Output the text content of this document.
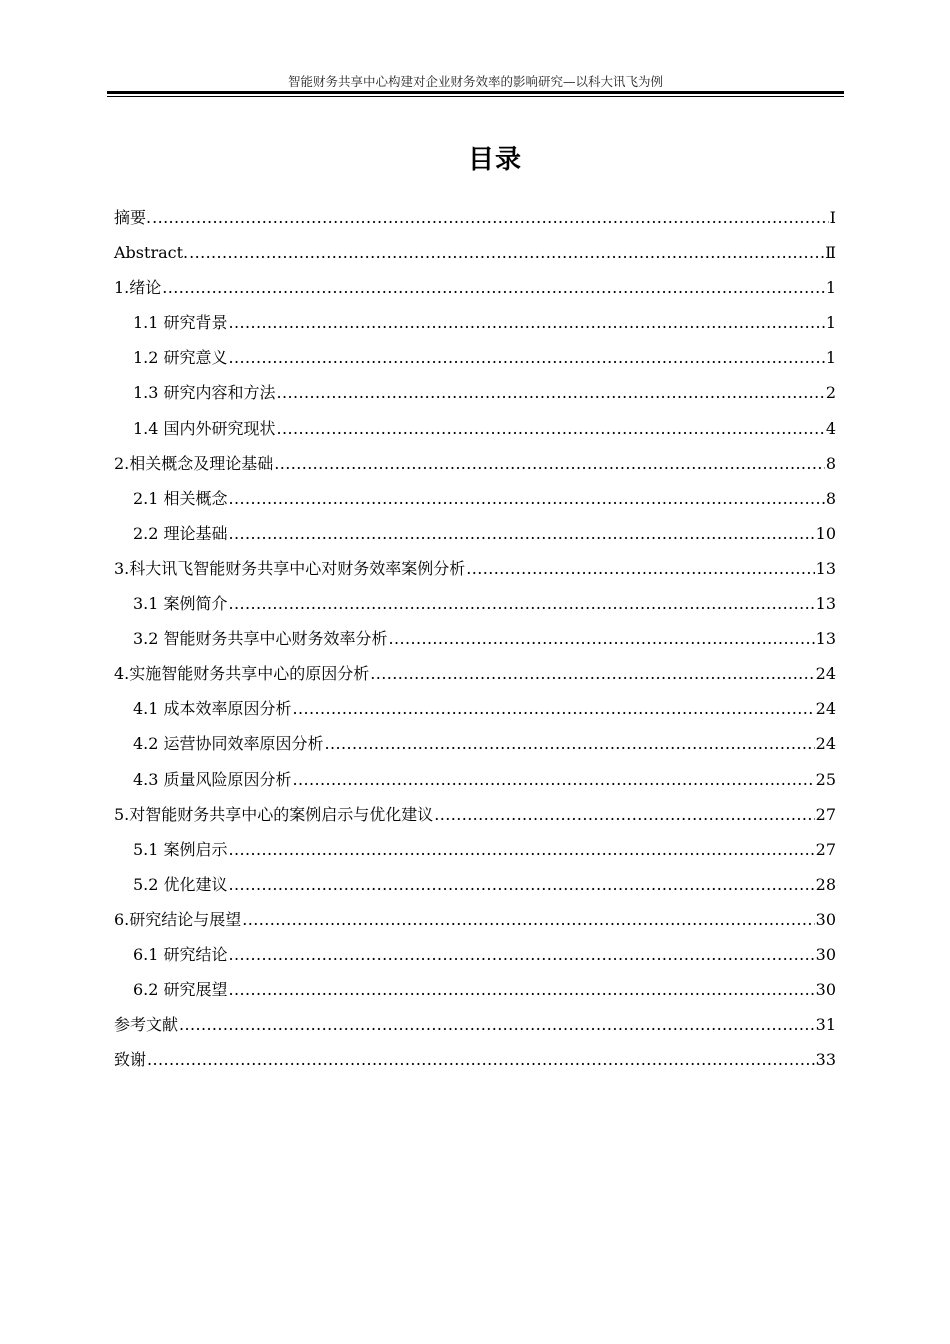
智能财务共享中心构建对企业财务效率的影响研究—以科大讯飞为例
目录
摘要. .....	I
Abstract. .....	Ⅱ
1.绪论 .....	1
1.1 研究背景 .....	1
1.2 研究意义 .....	1
1.3 研究内容和方法 .....	2
1.4 国内外研究现状 .....	4
2.相关概念及理论基础 .....	8
2.1 相关概念 .....	8
2.2 理论基础 .....	10
3.科大讯飞智能财务共享中心对财务效率案例分析 .....	13
3.1 案例简介 .....	13
3.2 智能财务共享中心财务效率分析 .....	13
4.实施智能财务共享中心的原因分析 .....	24
4.1 成本效率原因分析 .....	24
4.2 运营协同效率原因分析 .....	24
4.3 质量风险原因分析 .....	25
5.对智能财务共享中心的案例启示与优化建议 .....	27
5.1 案例启示 .....	27
5.2 优化建议 .....	28
6.研究结论与展望 .....	30
6.1 研究结论 .....	30
6.2 研究展望 .....	30
参考文献 .....	31
致谢 .....	33
